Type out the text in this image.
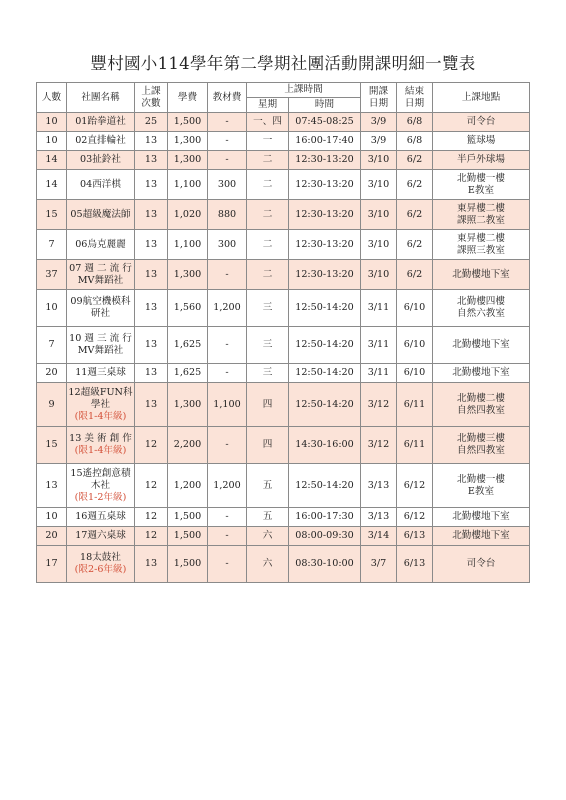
豐村國小114學年第二學期社團活動開課明細一覽表
人數	社團名稱	上課次數	學費	教材費	上課時間		開課日期	結束日期	上課地點
					星期	時間			
10	01跆拳道社	25	1,500	-	一、四	07:45-08:25	3/9	6/8	司令台
10	02直排輪社	13	1,300	-	一	16:00-17:40	3/9	6/8	籃球場
14	03扯鈴社	13	1,300	-	二	12:30-13:20	3/10	6/2	半戶外球場
14	04西洋棋	13	1,100	300	二	12:30-13:20	3/10	6/2	北勤樓一樓
E教室
15	05超級魔法師	13	1,020	880	二	12:30-13:20	3/10	6/2	東昇樓二樓
課照二教室
7	06烏克麗麗	13	1,100	300	二	12:30-13:20	3/10	6/2	東昇樓二樓
課照三教室
37	07 週 二 流 行
MV舞蹈社	13	1,300	-	二	12:30-13:20	3/10	6/2	北勤樓地下室
10	09航空機模科
研社	13	1,560	1,200	三	12:50-14:20	3/11	6/10	北勤樓四樓
自然六教室
7	10 週 三 流 行
MV舞蹈社	13	1,625	-	三	12:50-14:20	3/11	6/10	北勤樓地下室
20	11週三桌球	13	1,625	-	三	12:50-14:20	3/11	6/10	北勤樓地下室
9	12超級FUN科
學社
(限1-4年級)	13	1,300	1,100	四	12:50-14:20	3/12	6/11	北勤樓二樓
自然四教室
15	13 美 術 創 作
(限1-4年級)	12	2,200	-	四	14:30-16:00	3/12	6/11	北勤樓三樓
自然四教室
13	15遙控創意積
木社
(限1-2年級)	12	1,200	1,200	五	12:50-14:20	3/13	6/12	北勤樓一樓
E教室
10	16週五桌球	12	1,500	-	五	16:00-17:30	3/13	6/12	北勤樓地下室
20	17週六桌球	12	1,500	-	六	08:00-09:30	3/14	6/13	北勤樓地下室
17	18太鼓社
(限2-6年級)	13	1,500	-	六	08:30-10:00	3/7	6/13	司令台
